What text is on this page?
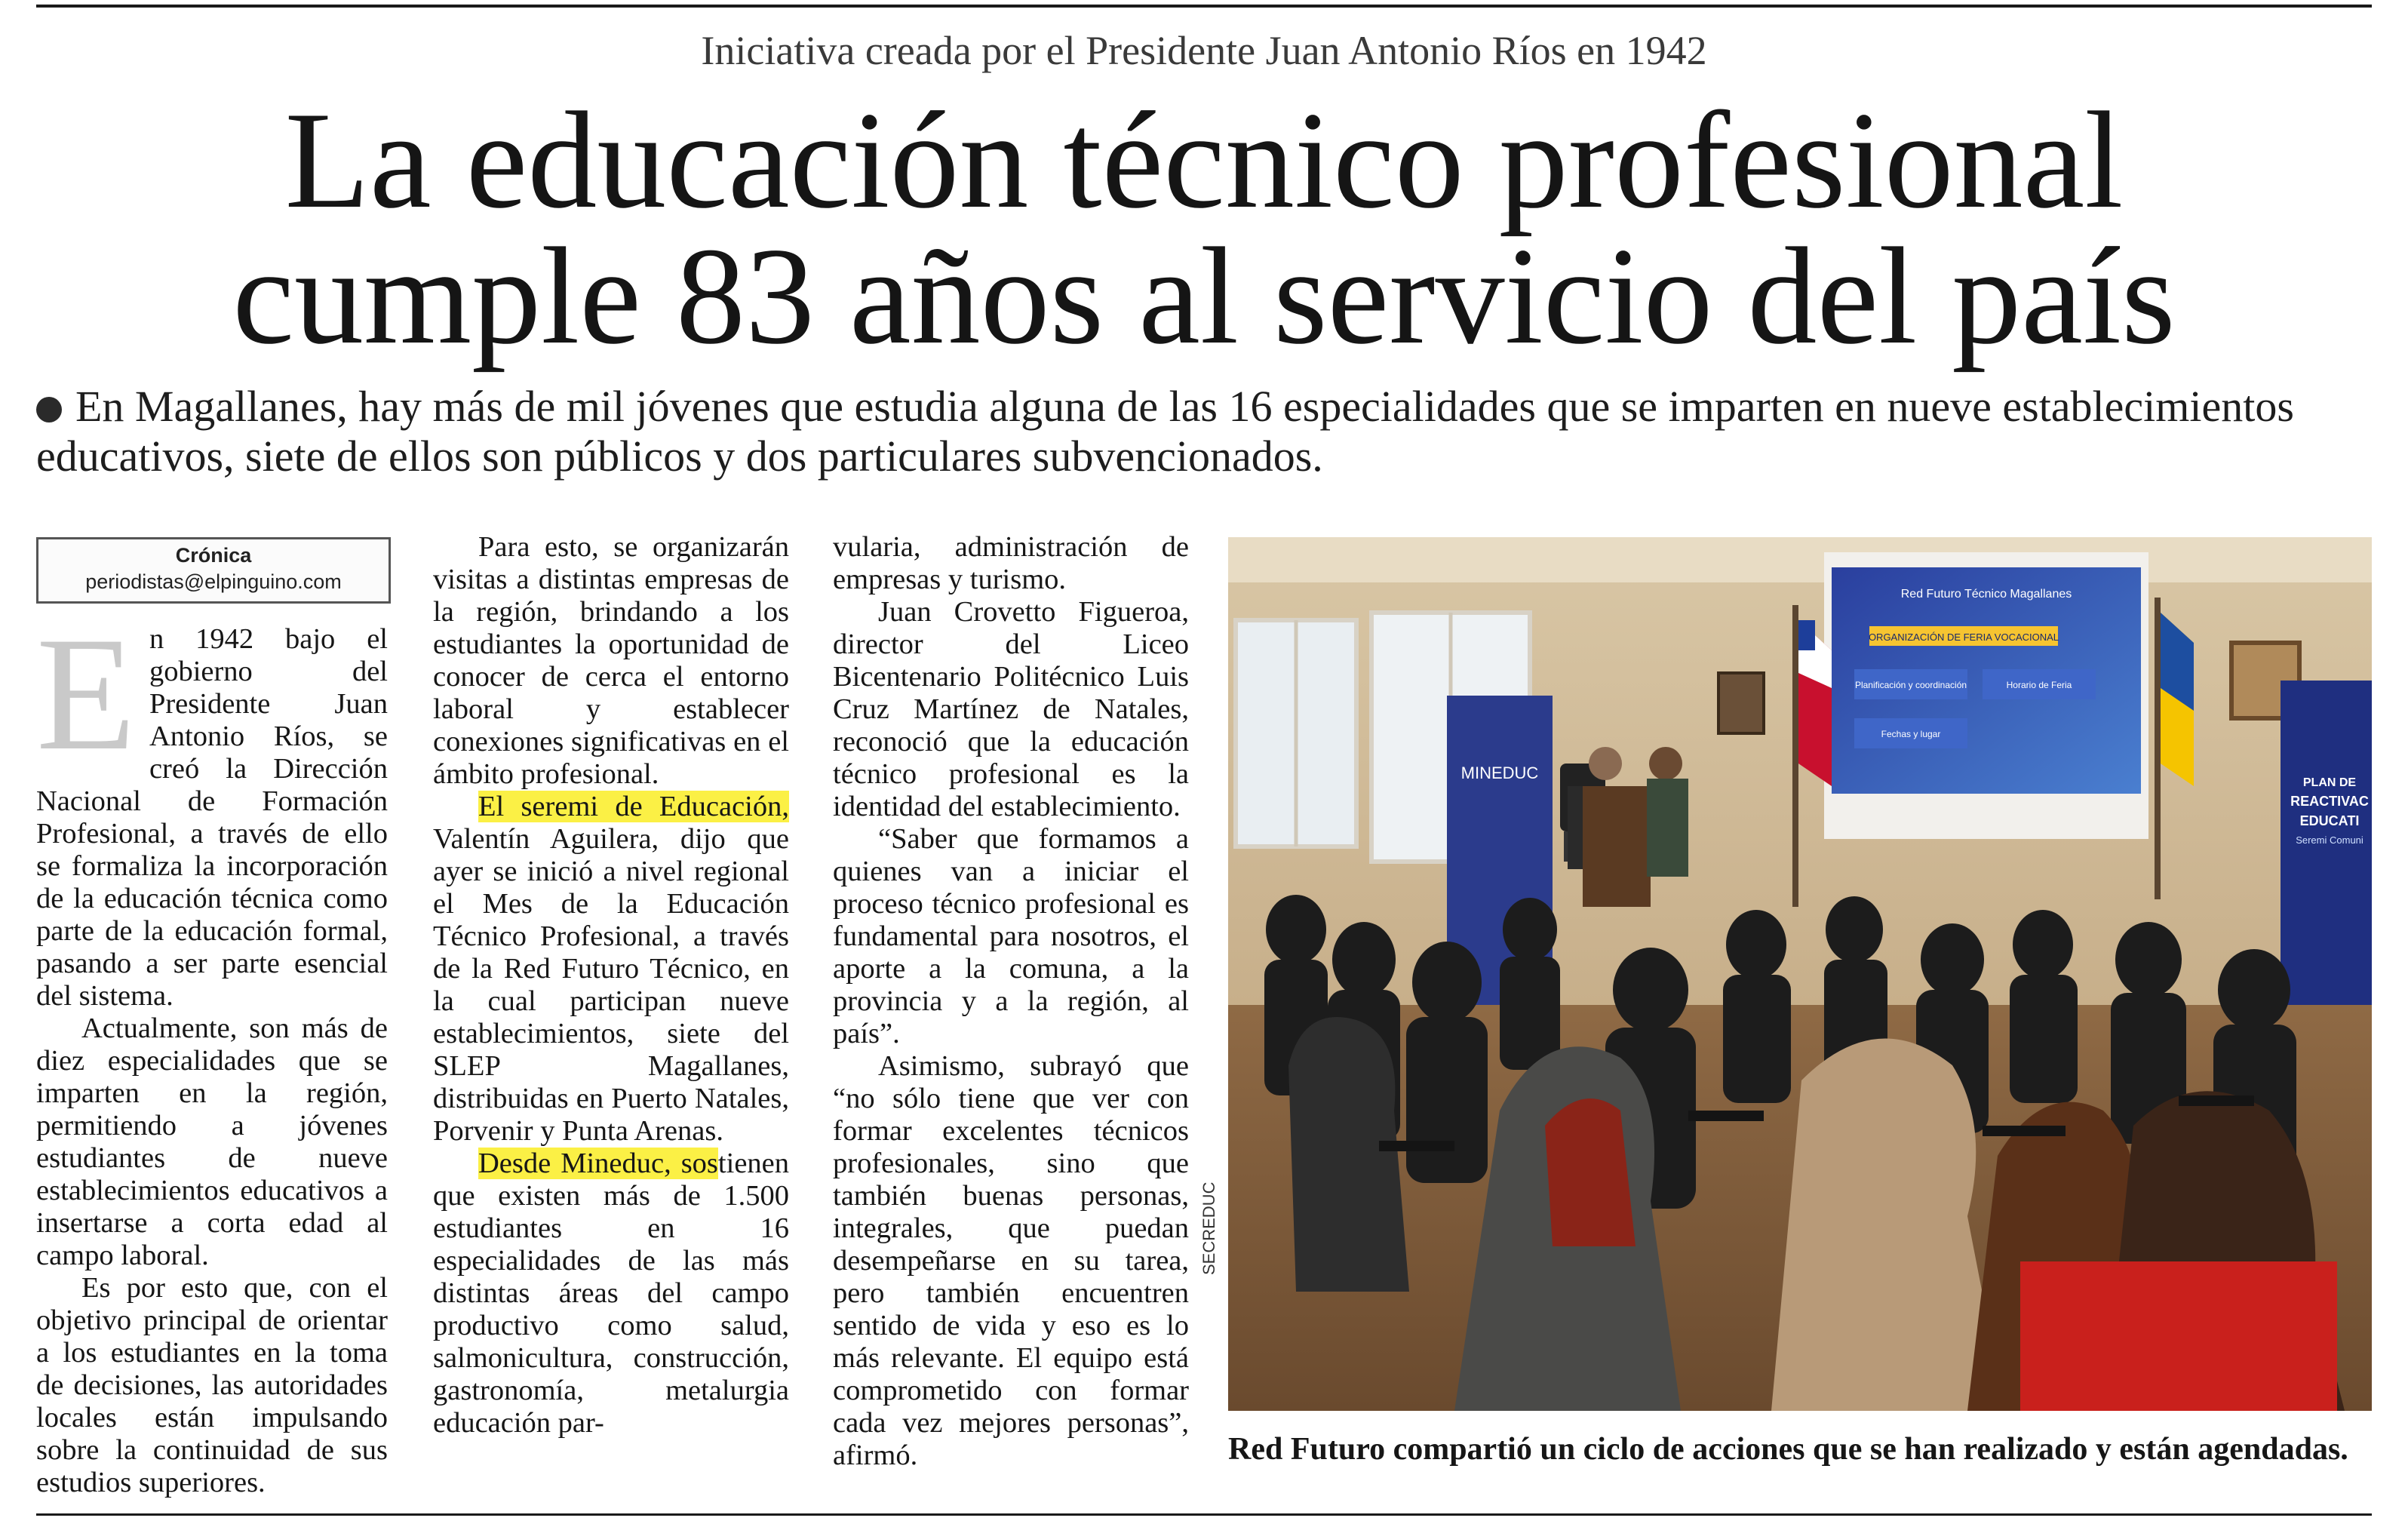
Iniciativa creada por el Presidente Juan Antonio Ríos en 1942
La educación técnico profesional
cumple 83 años al servicio del país
En Magallanes, hay más de mil jóvenes que estudia alguna de las 16 especialidades que se imparten en nueve establecimientos educativos, siete de ellos son públicos y dos particulares subvencionados.
Crónica
periodistas@elpinguino.com

En 1942 bajo el gobierno del Presidente Juan Antonio Ríos, se creó la Dirección Nacional de Formación Profesional, a través de ello se formaliza la incorporación de la educación técnica como parte de la educación formal, pasando a ser parte esencial del sistema.

Actualmente, son más de diez especialidades que se imparten en la región, permitiendo a jóvenes estudiantes de nueve establecimientos educativos a insertarse a corta edad al campo laboral.

Es por esto que, con el objetivo principal de orientar a los estudiantes en la toma de decisiones, las autoridades locales están impulsando sobre la continuidad de sus estudios superiores.

Para esto, se organizarán visitas a distintas empresas de la región, brindando a los estudiantes la oportunidad de conocer de cerca el entorno laboral y establecer conexiones significativas en el ámbito profesional.

El seremi de Educación, Valentín Aguilera, dijo que ayer se inició a nivel regional el Mes de la Educación Técnico Profesional, a través de la Red Futuro Técnico, en la cual participan nueve establecimientos, siete del SLEP Magallanes, distribuidas en Puerto Natales, Porvenir y Punta Arenas.

Desde Mineduc, sostienen que existen más de 1.500 estudiantes en 16 especialidades de las más distintas áreas del campo productivo como salud, salmonicultura, construcción, gastronomía, metalurgia educación par-

vularia, administración de empresas y turismo.

Juan Crovetto Figueroa, director del Liceo Bicentenario Politécnico Luis Cruz Martínez de Natales, reconoció que la educación técnico profesional es la identidad del establecimiento.

“Saber que formamos a quienes van a iniciar el proceso técnico profesional es fundamental para nosotros, el aporte a la comuna, a la provincia y a la región, al país”.

Asimismo, subrayó que “no sólo tiene que ver con formar excelentes técnicos profesionales, sino que también buenas personas, integrales, que puedan desempeñarse en su tarea, pero también encuentren sentido de vida y eso es lo más relevante. El equipo está comprometido con formar cada vez mejores personas”, afirmó.

Red Futuro Técnico Magallanes
ORGANIZACIÓN DE FERIA VOCACIONAL
Planificación y coordinación	Horario de Feria
Fechas y lugar
MINEDUC
PLAN DE
REACTIVAC
EDUCATI
Seremi Comuni
SECREDUC
Red Futuro compartió un ciclo de acciones que se han realizado y están agendadas.
